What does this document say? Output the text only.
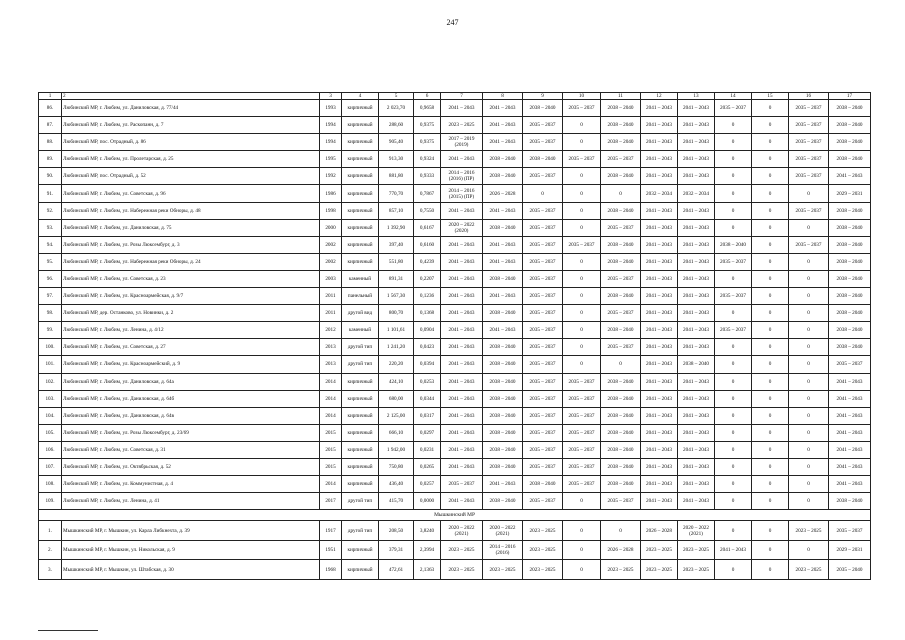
247
1	2	3	4	5	6	7	8	9	10	11	12	13	14	15	16	17
86.	Любинский МР, г. Любим, ул. Даниловская, д. 77/44	1993	кирпичный	2 023,70	0,9658	2041 – 2043	2041 – 2043	2038 – 2040	2035 – 2037	2038 – 2040	2041 – 2043	2041 – 2043	2035 – 2037	0	2035 – 2037	2038 – 2040
87.	Любинский МР, г. Любим, ул. Раскопанн, д. 7	1994	кирпичный	288,60	0,9375	2023 – 2025	2041 – 2043	2035 – 2037	0	2038 – 2040	2041 – 2043	2041 – 2043	0	0	2035 – 2037	2038 – 2040
88.	Любинский МР, пос. Отрадный, д. 86	1994	кирпичный	905,40	0,9375	2017 – 2019
(2019)	2041 – 2043	2035 – 2037	0	2038 – 2040	2041 – 2043	2041 – 2043	0	0	2035 – 2037	2038 – 2040
89.	Любинский МР, г. Любим, ул. Пролетарская, д. 25	1995	кирпичный	913,30	0,9324	2041 – 2043	2038 – 2040	2038 – 2040	2035 – 2037	2035 – 2037	2041 – 2043	2041 – 2043	0	0	2035 – 2037	2038 – 2040
90.	Любинский МР, пос. Отрадный, д. 52	1992	кирпичный	881,80	0,9333	2014 – 2016
(2016) (ПР)	2038 – 2040	2035 – 2037	0	2038 – 2040	2041 – 2043	2041 – 2043	0	0	2035 – 2037	2041 – 2043
91.	Любинский МР, г. Любим, ул. Советская, д. 96	1986	кирпичный	770,70	0,7867	2014 – 2016
(2015) (ПР)	2026 – 2028	0	0	0	2032 – 2034	2032 – 2034	0	0	0	2029 – 2031
92.	Любинский МР, г. Любим, ул. Набережная реки Обноры, д. 48	1998	кирпичный	857,10	0,7550	2041 – 2043	2041 – 2043	2035 – 2037	0	2038 – 2040	2041 – 2043	2041 – 2043	0	0	2035 – 2037	2038 – 2040
93.	Любинский МР, г. Любим, ул. Даниловская, д. 75	2000	кирпичный	1 392,90	0,6167	2020 – 2022
(2020)	2038 – 2040	2035 – 2037	0	2035 – 2037	2041 – 2043	2041 – 2043	0	0	0	2038 – 2040
94.	Любинский МР, г. Любим, ул. Розы Люксембург, д. 3	2002	кирпичный	397,40	0,6160	2041 – 2043	2041 – 2043	2035 – 2037	2035 – 2037	2038 – 2040	2041 – 2043	2041 – 2043	2038 – 2040	0	2035 – 2037	2038 – 2040
95.	Любинский МР, г. Любим, ул. Набережная реки Обноры, д. 24	2002	кирпичный	551,80	0,4239	2041 – 2043	2041 – 2043	2035 – 2037	0	2038 – 2040	2041 – 2043	2041 – 2043	2035 – 2037	0	0	2038 – 2040
96.	Любинский МР, г. Любим, ул. Советская, д. 23	2003	каменный	891,31	0,2207	2041 – 2043	2038 – 2040	2035 – 2037	0	2035 – 2037	2041 – 2043	2041 – 2043	0	0	0	2038 – 2040
97.	Любинский МР, г. Любим, ул. Красноармейская, д. 9/7	2011	панельный	1 567,30	0,1236	2041 – 2043	2041 – 2043	2035 – 2037	0	2038 – 2040	2041 – 2043	2041 – 2043	2035 – 2037	0	0	2038 – 2040
98.	Любинский МР, дер. Останково, ул. Новинки, д. 2	2011	другой вид	800,70	0,1368	2041 – 2043	2038 – 2040	2035 – 2037	0	2035 – 2037	2041 – 2043	2041 – 2043	0	0	0	2038 – 2040
99.	Любинский МР, г. Любим, ул. Ленина, д. 4/12	2012	каменный	1 101,61	0,0904	2041 – 2043	2041 – 2043	2035 – 2037	0	2038 – 2040	2041 – 2043	2041 – 2043	2035 – 2037	0	0	2038 – 2040
100.	Любинский МР, г. Любим, ул. Советская, д. 27	2013	другой тип	1 241,20	0,0423	2041 – 2043	2038 – 2040	2035 – 2037	0	2035 – 2037	2041 – 2043	2041 – 2043	0	0	0	2038 – 2040
101.	Любинский МР, г. Любим, ул. Красноармейский, д. 9	2013	другой тип	220,20	0,0394	2041 – 2043	2038 – 2040	2035 – 2037	0	0	2041 – 2043	2038 – 2040	0	0	0	2035 – 2037
102.	Любинский МР, г. Любим, ул. Даниловская, д. 64а	2014	кирпичный	424,10	0,0253	2041 – 2043	2038 – 2040	2035 – 2037	2035 – 2037	2038 – 2040	2041 – 2043	2041 – 2043	0	0	0	2041 – 2043
103.	Любинский МР, г. Любим, ул. Даниловская, д. 64б	2014	кирпичный	680,00	0,0344	2041 – 2043	2038 – 2040	2035 – 2037	2035 – 2037	2038 – 2040	2041 – 2043	2041 – 2043	0	0	0	2041 – 2043
104.	Любинский МР, г. Любим, ул. Даниловская, д. 64в	2014	кирпичный	2 125,00	0,0317	2041 – 2043	2038 – 2040	2035 – 2037	2035 – 2037	2038 – 2040	2041 – 2043	2041 – 2043	0	0	0	2041 – 2043
105.	Любинский МР, г. Любим, ул. Розы Люксембург, д. 23/69	2015	кирпичный	666,10	0,0297	2041 – 2043	2038 – 2040	2035 – 2037	2035 – 2037	2038 – 2040	2041 – 2043	2041 – 2043	0	0	0	2041 – 2043
106.	Любинский МР, г. Любим, ул. Советская, д. 31	2015	кирпичный	1 942,00	0,0231	2041 – 2043	2038 – 2040	2035 – 2037	2035 – 2037	2038 – 2040	2041 – 2043	2041 – 2043	0	0	0	2041 – 2043
107.	Любинский МР, г. Любим, ул. Октябрьская, д. 52	2015	кирпичный	750,80	0,0265	2041 – 2043	2038 – 2040	2035 – 2037	2035 – 2037	2038 – 2040	2041 – 2043	2041 – 2043	0	0	0	2041 – 2043
108.	Любинский МР, г. Любим, ул. Коммунистная, д. 4	2014	кирпичный	436,40	0,0257	2035 – 2037	2041 – 2043	2038 – 2040	2035 – 2037	2038 – 2040	2041 – 2043	2041 – 2043	0	0	0	2041 – 2043
109.	Любинский МР, г. Любим, ул. Ленина, д. 41	2017	другой тип	415,70	0,0000	2041 – 2043	2038 – 2040	2035 – 2037	0	2035 – 2037	2041 – 2043	2041 – 2043	0	0	0	2038 – 2040
Мышкинский МР																
1.	Мышкинский МР, г. Мышкин, ул. Карла Либкнехта, д. 39	1917	другой тип	208,50	3,8240	2020 – 2022
(2021)	2020 – 2022
(2021)	2023 – 2025	0	0	2026 – 2028	2020 – 2022
(2021)	0	0	2023 – 2025	2035 – 2037
2.	Мышкинский МР, г. Мышкин, ул. Никольская, д. 9	1951	кирпичный	379,31	2,3994	2023 – 2025	2014 – 2016
(2016)	2023 – 2025	0	2026 – 2028	2023 – 2025	2023 – 2025	2041 – 2043	0	0	2029 – 2031
3.	Мышкинский МР, г. Мышкин, ул. Штабская, д. 30	1968	кирпичный	472,61	2,1363	2023 – 2025	2023 – 2025	2023 – 2025	0	2023 – 2025	2023 – 2025	2023 – 2025	0	0	2023 – 2025	2035 – 2040
